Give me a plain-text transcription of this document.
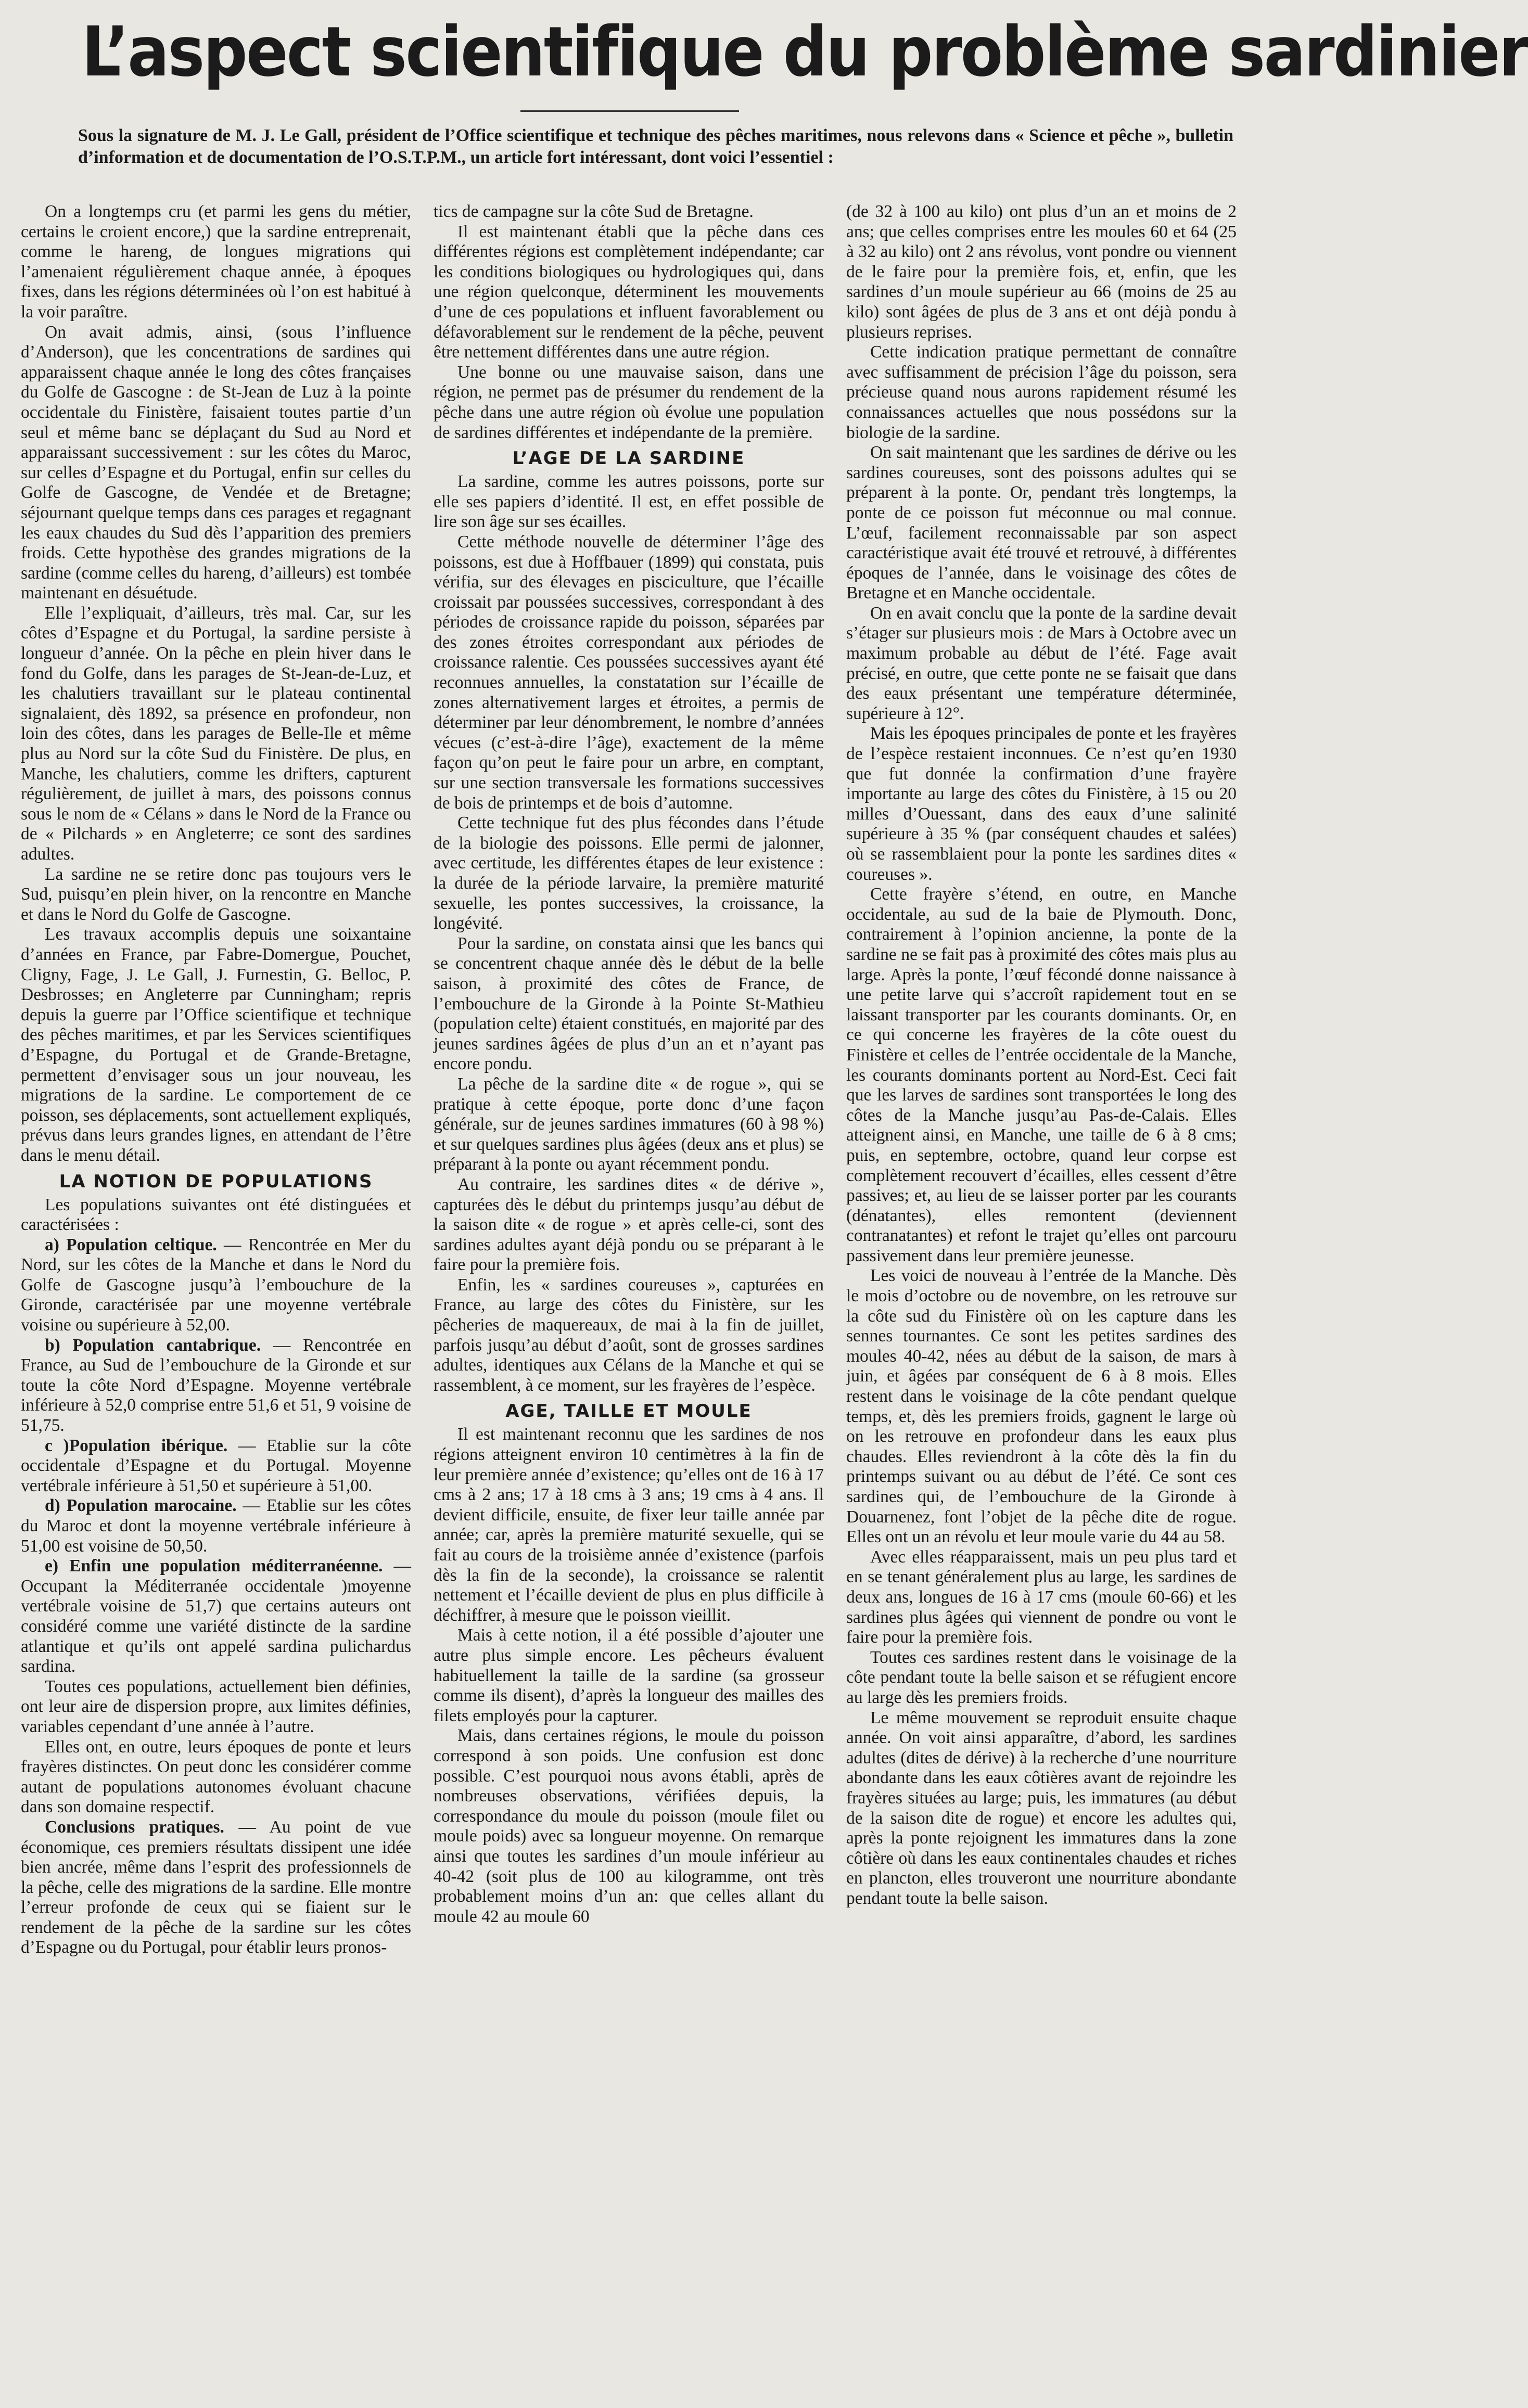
L’aspect scientifique du problème sardinier
Sous la signature de M. J. Le Gall, président de l’Office scientifique et technique des pêches maritimes, nous relevons dans « Science et pêche », bulletin d’information et de documentation de l’O.S.T.P.M., un article fort intéressant, dont voici l’essentiel :

On a longtemps cru (et parmi les gens du métier, certains le croient encore,) que la sardine entreprenait, comme le hareng, de longues migrations qui l’amenaient régulièrement chaque année, à époques fixes, dans les régions déterminées où l’on est habitué à la voir paraître.

On avait admis, ainsi, (sous l’influence d’Anderson), que les concentrations de sardines qui apparaissent chaque année le long des côtes françaises du Golfe de Gascogne : de St-Jean de Luz à la pointe occidentale du Finistère, faisaient toutes partie d’un seul et même banc se déplaçant du Sud au Nord et apparaissant successivement : sur les côtes du Maroc, sur celles d’Espagne et du Portugal, enfin sur celles du Golfe de Gascogne, de Vendée et de Bretagne; séjournant quelque temps dans ces parages et regagnant les eaux chaudes du Sud dès l’apparition des premiers froids. Cette hypothèse des grandes migrations de la sardine (comme celles du hareng, d’ailleurs) est tombée maintenant en désuétude.

Elle l’expliquait, d’ailleurs, très mal. Car, sur les côtes d’Espagne et du Portugal, la sardine persiste à longueur d’année. On la pêche en plein hiver dans le fond du Golfe, dans les parages de St-Jean-de-Luz, et les chalutiers travaillant sur le plateau continental signalaient, dès 1892, sa présence en profondeur, non loin des côtes, dans les parages de Belle-Ile et même plus au Nord sur la côte Sud du Finistère. De plus, en Manche, les chalutiers, comme les drifters, capturent régulièrement, de juillet à mars, des poissons connus sous le nom de « Célans » dans le Nord de la France ou de « Pilchards » en Angleterre; ce sont des sardines adultes.

La sardine ne se retire donc pas toujours vers le Sud, puisqu’en plein hiver, on la rencontre en Manche et dans le Nord du Golfe de Gascogne.

Les travaux accomplis depuis une soixantaine d’années en France, par Fabre-Domergue, Pouchet, Cligny, Fage, J. Le Gall, J. Furnestin, G. Belloc, P. Desbrosses; en Angleterre par Cunningham; repris depuis la guerre par l’Office scientifique et technique des pêches maritimes, et par les Services scientifiques d’Espagne, du Portugal et de Grande-Bretagne, permettent d’envisager sous un jour nouveau, les migrations de la sardine. Le comportement de ce poisson, ses déplacements, sont actuellement expliqués, prévus dans leurs grandes lignes, en attendant de l’être dans le menu détail.

LA NOTION DE POPULATIONS

Les populations suivantes ont été distinguées et caractérisées :

a) Population celtique. — Rencontrée en Mer du Nord, sur les côtes de la Manche et dans le Nord du Golfe de Gascogne jusqu’à l’embouchure de la Gironde, caractérisée par une moyenne vertébrale voisine ou supérieure à 52,00.

b) Population cantabrique. — Rencontrée en France, au Sud de l’embouchure de la Gironde et sur toute la côte Nord d’Espagne. Moyenne vertébrale inférieure à 52,0 comprise entre 51,6 et 51, 9 voisine de 51,75.

c )Population ibérique. — Etablie sur la côte occidentale d’Espagne et du Portugal. Moyenne vertébrale inférieure à 51,50 et supérieure à 51,00.

d) Population marocaine. — Etablie sur les côtes du Maroc et dont la moyenne vertébrale inférieure à 51,00 est voisine de 50,50.

e) Enfin une population méditerranéenne. — Occupant la Méditerranée occidentale )moyenne vertébrale voisine de 51,7) que certains auteurs ont considéré comme une variété distincte de la sardine atlantique et qu’ils ont appelé sardina pulichardus sardina.

Toutes ces populations, actuellement bien définies, ont leur aire de dispersion propre, aux limites définies, variables cependant d’une année à l’autre.

Elles ont, en outre, leurs époques de ponte et leurs frayères distinctes. On peut donc les considérer comme autant de populations autonomes évoluant chacune dans son domaine respectif.

Conclusions pratiques. — Au point de vue économique, ces premiers résultats dissipent une idée bien ancrée, même dans l’esprit des professionnels de la pêche, celle des migrations de la sardine. Elle montre l’erreur profonde de ceux qui se fiaient sur le rendement de la pêche de la sardine sur les côtes d’Espagne ou du Portugal, pour établir leurs pronos-

tics de campagne sur la côte Sud de Bretagne.

Il est maintenant établi que la pêche dans ces différentes régions est complètement indépendante; car les conditions biologiques ou hydrologiques qui, dans une région quelconque, déterminent les mouvements d’une de ces populations et influent favorablement ou défavorablement sur le rendement de la pêche, peuvent être nettement différentes dans une autre région.

Une bonne ou une mauvaise saison, dans une région, ne permet pas de présumer du rendement de la pêche dans une autre région où évolue une population de sardines différentes et indépendante de la première.

L’AGE DE LA SARDINE

La sardine, comme les autres poissons, porte sur elle ses papiers d’identité. Il est, en effet possible de lire son âge sur ses écailles.

Cette méthode nouvelle de déterminer l’âge des poissons, est due à Hoffbauer (1899) qui constata, puis vérifia, sur des élevages en pisciculture, que l’écaille croissait par poussées successives, correspondant à des périodes de croissance rapide du poisson, séparées par des zones étroites correspondant aux périodes de croissance ralentie. Ces poussées successives ayant été reconnues annuelles, la constatation sur l’écaille de zones alternativement larges et étroites, a permis de déterminer par leur dénombrement, le nombre d’années vécues (c’est-à-dire l’âge), exactement de la même façon qu’on peut le faire pour un arbre, en comptant, sur une section transversale les formations successives de bois de printemps et de bois d’automne.

Cette technique fut des plus fécondes dans l’étude de la biologie des poissons. Elle permi de jalonner, avec certitude, les différentes étapes de leur existence : la durée de la période larvaire, la première maturité sexuelle, les pontes successives, la croissance, la longévité.

Pour la sardine, on constata ainsi que les bancs qui se concentrent chaque année dès le début de la belle saison, à proximité des côtes de France, de l’embouchure de la Gironde à la Pointe St-Mathieu (population celte) étaient constitués, en majorité par des jeunes sardines âgées de plus d’un an et n’ayant pas encore pondu.

La pêche de la sardine dite « de rogue », qui se pratique à cette époque, porte donc d’une façon générale, sur de jeunes sardines immatures (60 à 98 %) et sur quelques sardines plus âgées (deux ans et plus) se préparant à la ponte ou ayant récemment pondu.

Au contraire, les sardines dites « de dérive », capturées dès le début du printemps jusqu’au début de la saison dite « de rogue » et après celle-ci, sont des sardines adultes ayant déjà pondu ou se préparant à le faire pour la première fois.

Enfin, les « sardines coureuses », capturées en France, au large des côtes du Finistère, sur les pêcheries de maquereaux, de mai à la fin de juillet, parfois jusqu’au début d’août, sont de grosses sardines adultes, identiques aux Célans de la Manche et qui se rassemblent, à ce moment, sur les frayères de l’espèce.

AGE, TAILLE ET MOULE

Il est maintenant reconnu que les sardines de nos régions atteignent environ 10 centimètres à la fin de leur première année d’existence; qu’elles ont de 16 à 17 cms à 2 ans; 17 à 18 cms à 3 ans; 19 cms à 4 ans. Il devient difficile, ensuite, de fixer leur taille année par année; car, après la première maturité sexuelle, qui se fait au cours de la troisième année d’existence (parfois dès la fin de la seconde), la croissance se ralentit nettement et l’écaille devient de plus en plus difficile à déchiffrer, à mesure que le poisson vieillit.

Mais à cette notion, il a été possible d’ajouter une autre plus simple encore. Les pêcheurs évaluent habituellement la taille de la sardine (sa grosseur comme ils disent), d’après la longueur des mailles des filets employés pour la capturer.

Mais, dans certaines régions, le moule du poisson correspond à son poids. Une confusion est donc possible. C’est pourquoi nous avons établi, après de nombreuses observations, vérifiées depuis, la correspondance du moule du poisson (moule filet ou moule poids) avec sa longueur moyenne. On remarque ainsi que toutes les sardines d’un moule inférieur au 40-42 (soit plus de 100 au kilogramme, ont très probablement moins d’un an: que celles allant du moule 42 au moule 60

(de 32 à 100 au kilo) ont plus d’un an et moins de 2 ans; que celles comprises entre les moules 60 et 64 (25 à 32 au kilo) ont 2 ans révolus, vont pondre ou viennent de le faire pour la première fois, et, enfin, que les sardines d’un moule supérieur au 66 (moins de 25 au kilo) sont âgées de plus de 3 ans et ont déjà pondu à plusieurs reprises.

Cette indication pratique permettant de connaître avec suffisamment de précision l’âge du poisson, sera précieuse quand nous aurons rapidement résumé les connaissances actuelles que nous possédons sur la biologie de la sardine.

On sait maintenant que les sardines de dérive ou les sardines coureuses, sont des poissons adultes qui se préparent à la ponte. Or, pendant très longtemps, la ponte de ce poisson fut méconnue ou mal connue. L’œuf, facilement reconnaissable par son aspect caractéristique avait été trouvé et retrouvé, à différentes époques de l’année, dans le voisinage des côtes de Bretagne et en Manche occidentale.

On en avait conclu que la ponte de la sardine devait s’étager sur plusieurs mois : de Mars à Octobre avec un maximum probable au début de l’été. Fage avait précisé, en outre, que cette ponte ne se faisait que dans des eaux présentant une température déterminée, supérieure à 12°.

Mais les époques principales de ponte et les frayères de l’espèce restaient inconnues. Ce n’est qu’en 1930 que fut donnée la confirmation d’une frayère importante au large des côtes du Finistère, à 15 ou 20 milles d’Ouessant, dans des eaux d’une salinité supérieure à 35 % (par conséquent chaudes et salées) où se rassemblaient pour la ponte les sardines dites « coureuses ».

Cette frayère s’étend, en outre, en Manche occidentale, au sud de la baie de Plymouth. Donc, contrairement à l’opinion ancienne, la ponte de la sardine ne se fait pas à proximité des côtes mais plus au large. Après la ponte, l’œuf fécondé donne naissance à une petite larve qui s’accroît rapidement tout en se laissant transporter par les courants dominants. Or, en ce qui concerne les frayères de la côte ouest du Finistère et celles de l’entrée occidentale de la Manche, les courants dominants portent au Nord-Est. Ceci fait que les larves de sardines sont transportées le long des côtes de la Manche jusqu’au Pas-de-Calais. Elles atteignent ainsi, en Manche, une taille de 6 à 8 cms; puis, en septembre, octobre, quand leur corpse est complètement recouvert d’écailles, elles cessent d’être passives; et, au lieu de se laisser porter par les courants (dénatantes), elles remontent (deviennent contranatantes) et refont le trajet qu’elles ont parcouru passivement dans leur première jeunesse.

Les voici de nouveau à l’entrée de la Manche. Dès le mois d’octobre ou de novembre, on les retrouve sur la côte sud du Finistère où on les capture dans les sennes tournantes. Ce sont les petites sardines des moules 40-42, nées au début de la saison, de mars à juin, et âgées par conséquent de 6 à 8 mois. Elles restent dans le voisinage de la côte pendant quelque temps, et, dès les premiers froids, gagnent le large où on les retrouve en profondeur dans les eaux plus chaudes. Elles reviendront à la côte dès la fin du printemps suivant ou au début de l’été. Ce sont ces sardines qui, de l’embouchure de la Gironde à Douarnenez, font l’objet de la pêche dite de rogue. Elles ont un an révolu et leur moule varie du 44 au 58.

Avec elles réapparaissent, mais un peu plus tard et en se tenant généralement plus au large, les sardines de deux ans, longues de 16 à 17 cms (moule 60-66) et les sardines plus âgées qui viennent de pondre ou vont le faire pour la première fois.

Toutes ces sardines restent dans le voisinage de la côte pendant toute la belle saison et se réfugient encore au large dès les premiers froids.

Le même mouvement se reproduit ensuite chaque année. On voit ainsi apparaître, d’abord, les sardines adultes (dites de dérive) à la recherche d’une nourriture abondante dans les eaux côtières avant de rejoindre les frayères situées au large; puis, les immatures (au début de la saison dite de rogue) et encore les adultes qui, après la ponte rejoignent les immatures dans la zone côtière où dans les eaux continentales chaudes et riches en plancton, elles trouveront une nourriture abondante pendant toute la belle saison.
